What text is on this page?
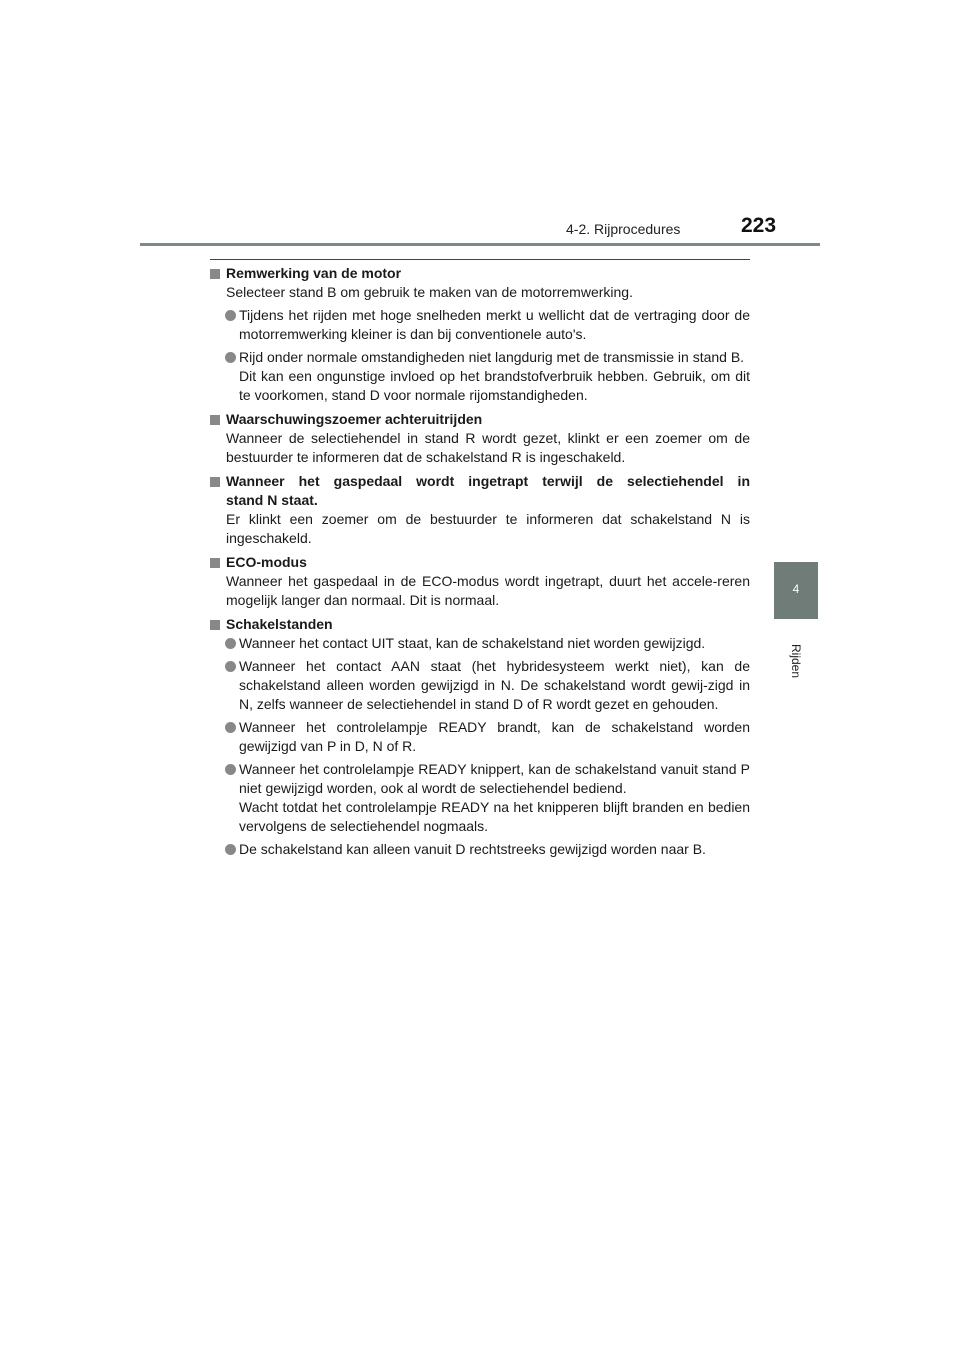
4-2. Rijprocedures	223
4
Rijden
Remwerking van de motor
Selecteer stand B om gebruik te maken van de motorremwerking.
Tijdens het rijden met hoge snelheden merkt u wellicht dat de vertraging door de motorremwerking kleiner is dan bij conventionele auto's.
Rijd onder normale omstandigheden niet langdurig met de transmissie in stand B.
Dit kan een ongunstige invloed op het brandstofverbruik hebben. Gebruik, om dit te voorkomen, stand D voor normale rijomstandigheden.
Waarschuwingszoemer achteruitrijden
Wanneer de selectiehendel in stand R wordt gezet, klinkt er een zoemer om de bestuurder te informeren dat de schakelstand R is ingeschakeld.
Wanneer het gaspedaal wordt ingetrapt terwijl de selectiehendel in
stand N staat.
Er klinkt een zoemer om de bestuurder te informeren dat schakelstand N is ingeschakeld.
ECO-modus
Wanneer het gaspedaal in de ECO-modus wordt ingetrapt, duurt het accele-reren mogelijk langer dan normaal. Dit is normaal.
Schakelstanden
Wanneer het contact UIT staat, kan de schakelstand niet worden gewijzigd.
Wanneer het contact AAN staat (het hybridesysteem werkt niet), kan de schakelstand alleen worden gewijzigd in N. De schakelstand wordt gewij-zigd in N, zelfs wanneer de selectiehendel in stand D of R wordt gezet en gehouden.
Wanneer het controlelampje READY brandt, kan de schakelstand worden gewijzigd van P in D, N of R.
Wanneer het controlelampje READY knippert, kan de schakelstand vanuit stand P niet gewijzigd worden, ook al wordt de selectiehendel bediend.
Wacht totdat het controlelampje READY na het knipperen blijft branden en bedien vervolgens de selectiehendel nogmaals.
De schakelstand kan alleen vanuit D rechtstreeks gewijzigd worden naar B.
